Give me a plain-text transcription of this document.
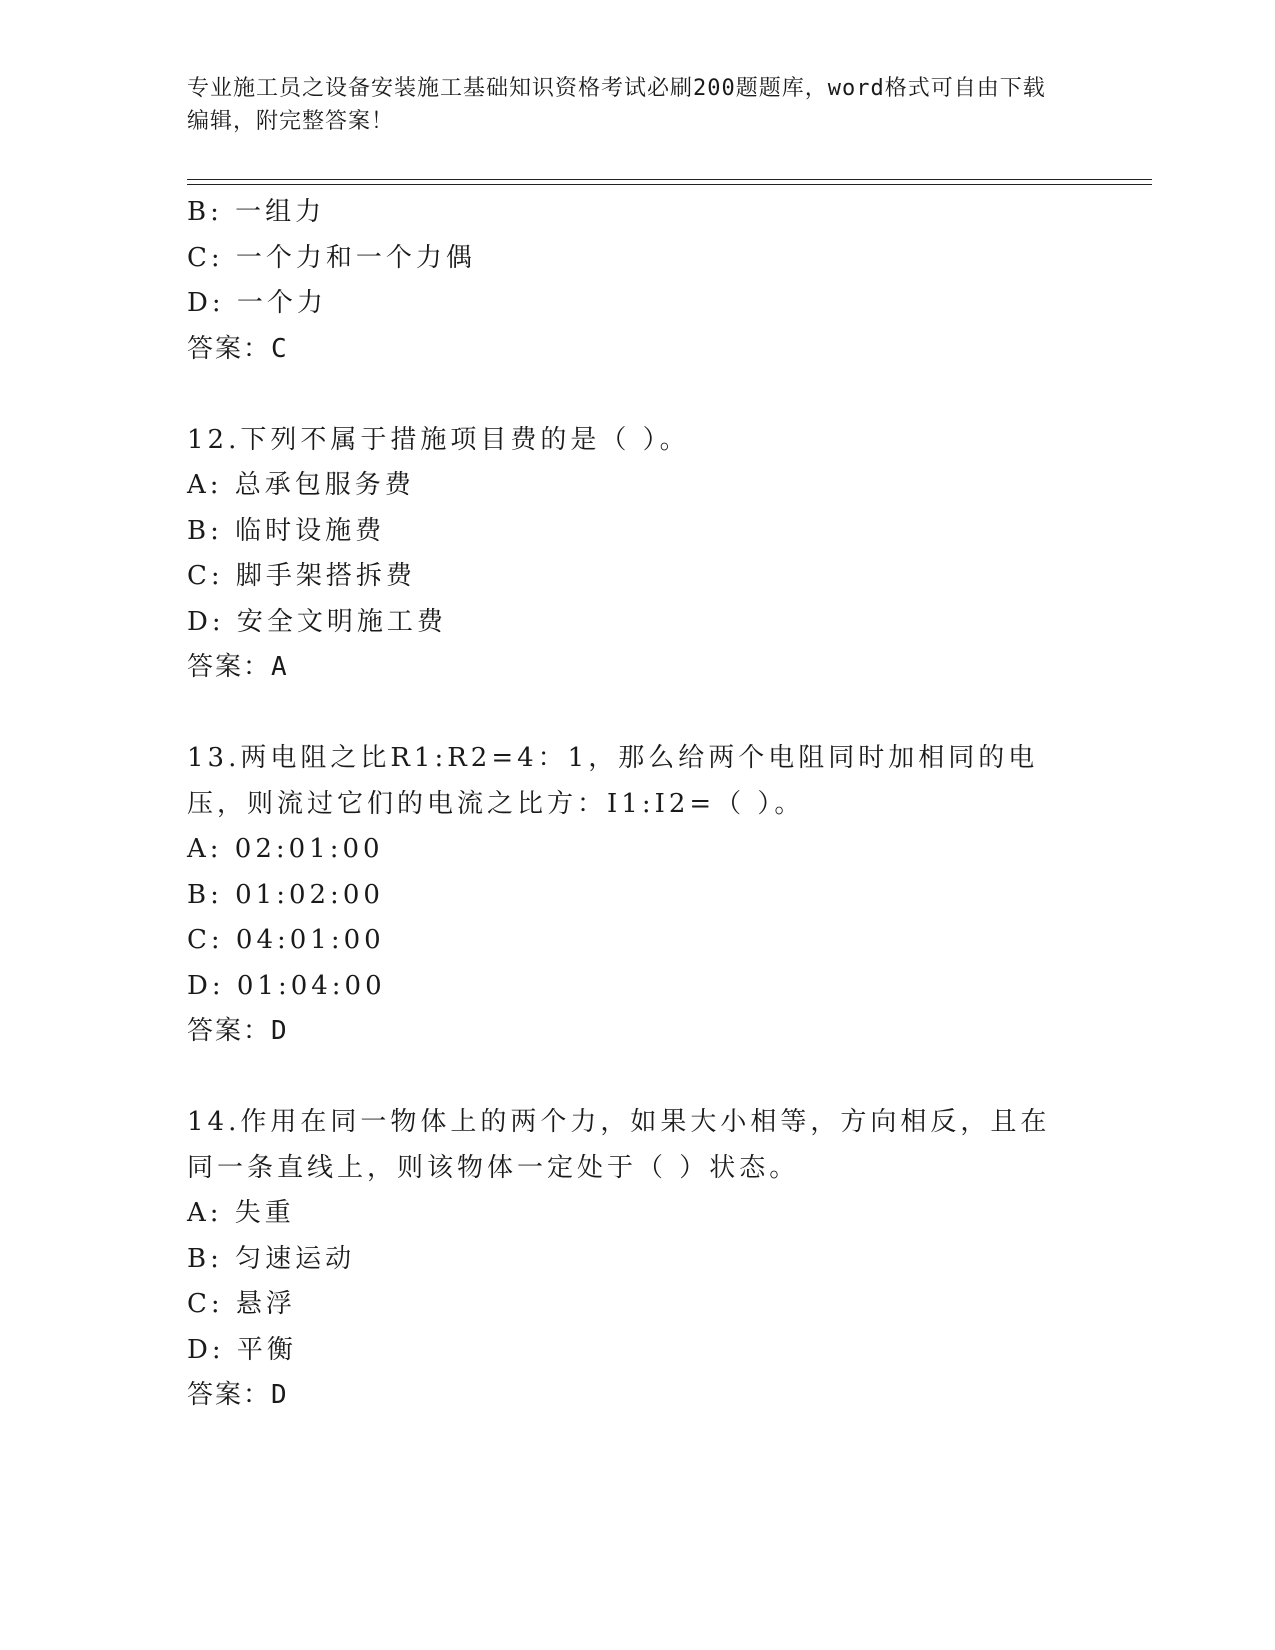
专业施工员之设备安装施工基础知识资格考试必刷200题题库，word格式可自由下载编辑，附完整答案！
B: 一组力
C: 一个力和一个力偶
D: 一个力
答案：C
12.下列不属于措施项目费的是（ ）。
A: 总承包服务费
B: 临时设施费
C: 脚手架搭拆费
D: 安全文明施工费
答案：A
13.两电阻之比R1:R2=4：1，那么给两个电阻同时加相同的电压，则流过它们的电流之比方：I1:I2=（ ）。
A: 02:01:00
B: 01:02:00
C: 04:01:00
D: 01:04:00
答案：D
14.作用在同一物体上的两个力，如果大小相等，方向相反，且在同一条直线上，则该物体一定处于（ ）状态。
A: 失重
B: 匀速运动
C: 悬浮
D: 平衡
答案：D
